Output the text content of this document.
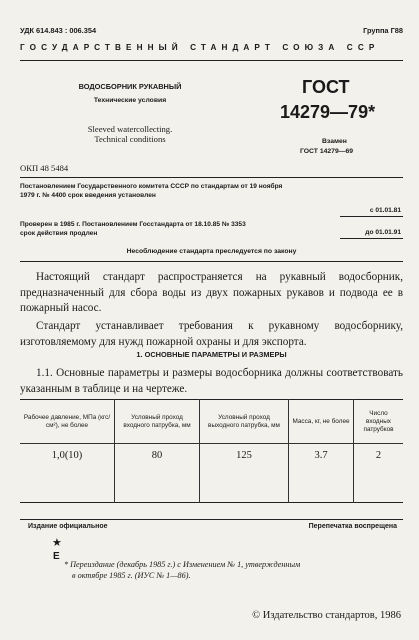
УДК 614.843 : 006.354	Группа Г88
ГОСУДАРСТВЕННЫЙ СТАНДАРТ СОЮЗА ССР
ВОДОСБОРНИК РУКАВНЫЙ
Технические условия
Sleeved watercollecting.
Technical conditions
ГОСТ
14279—79*
Взамен
ГОСТ 14279—69
ОКП 48 5484
Постановлением Государственного комитета СССР по стандартам от 19 ноября
1979 г. № 4400 срок введения установлен
с 01.01.81
Проверен в 1985 г. Постановлением Госстандарта от 18.10.85 № 3353
срок действия продлен	до 01.01.91
Несоблюдение стандарта преследуется по закону
Настоящий стандарт распространяется на рукавный водосборник, предназначенный для сбора воды из двух пожарных рукавов и подвода ее в пожарный насос.
Стандарт устанавливает требования к рукавному водосборнику, изготовляемому для нужд пожарной охраны и для экспорта.
1. ОСНОВНЫЕ ПАРАМЕТРЫ И РАЗМЕРЫ
1.1. Основные параметры и размеры водосборника должны соответствовать указанным в таблице и на чертеже.
Рабочее давление, МПа (кгс/см²), не более	Условный проход входного патрубка, мм	Условный проход выходного патрубка, мм	Масса, кг, не более	Число входных патрубков
1,0(10)	80	125	3.7	2
Издание официальное	Перепечатка воспрещена
★
Е
* Переиздание (декабрь 1985 г.) с Изменением № 1, утвержденным
в октябре 1985 г. (ИУС № 1—86).
© Издательство стандартов, 1986
